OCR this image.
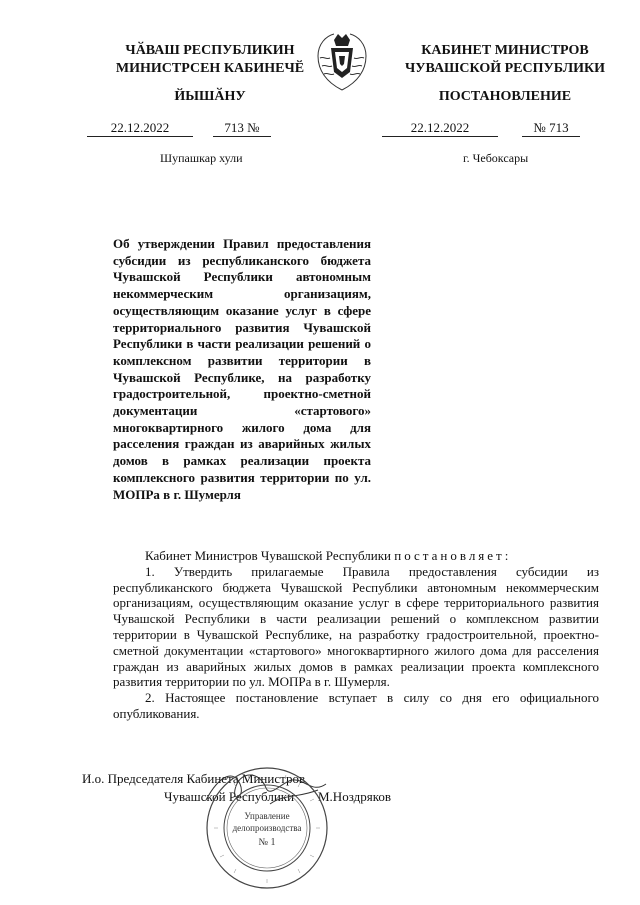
ЧӐВАШ РЕСПУБЛИКИН
МИНИСТРСЕН КАБИНЕЧӖ
ЙЫШӐНУ
КАБИНЕТ МИНИСТРОВ
ЧУВАШСКОЙ РЕСПУБЛИКИ
ПОСТАНОВЛЕНИЕ
22.12.2022	713 №	22.12.2022	№ 713
Шупашкар хули	г. Чебоксары
Об утверждении Правил предоставления субсидии из республиканского бюджета Чувашской Республики автономным некоммерческим организациям, осуществляющим оказание услуг в сфере территориального развития Чувашской Республики в части реализации решений о комплексном развитии территории в Чувашской Республике, на разработку градостроительной, проектно-сметной документации «стартового» многоквартирного жилого дома для расселения граждан из аварийных жилых домов в рамках реализации проекта комплексного развития территории по ул. МОПРа в г. Шумерля

Кабинет Министров Чувашской Республики постановляет:

1. Утвердить прилагаемые Правила предоставления субсидии из республиканского бюджета Чувашской Республики автономным некоммерческим организациям, осуществляющим оказание услуг в сфере территориального развития Чувашской Республики в части реализации решений о комплексном развитии территории в Чувашской Республике, на разработку градостроительной, проектно-сметной документации «стартового» многоквартирного жилого дома для расселения граждан из аварийных жилых домов в рамках реализации проекта комплексного развития территории по ул. МОПРа в г. Шумерля.

2. Настоящее постановление вступает в силу со дня его официального опубликования.

И.о. Председателя Кабинета Министров
Чувашской Республики М.Ноздряков
Управление
делопроизводства
№ 1
